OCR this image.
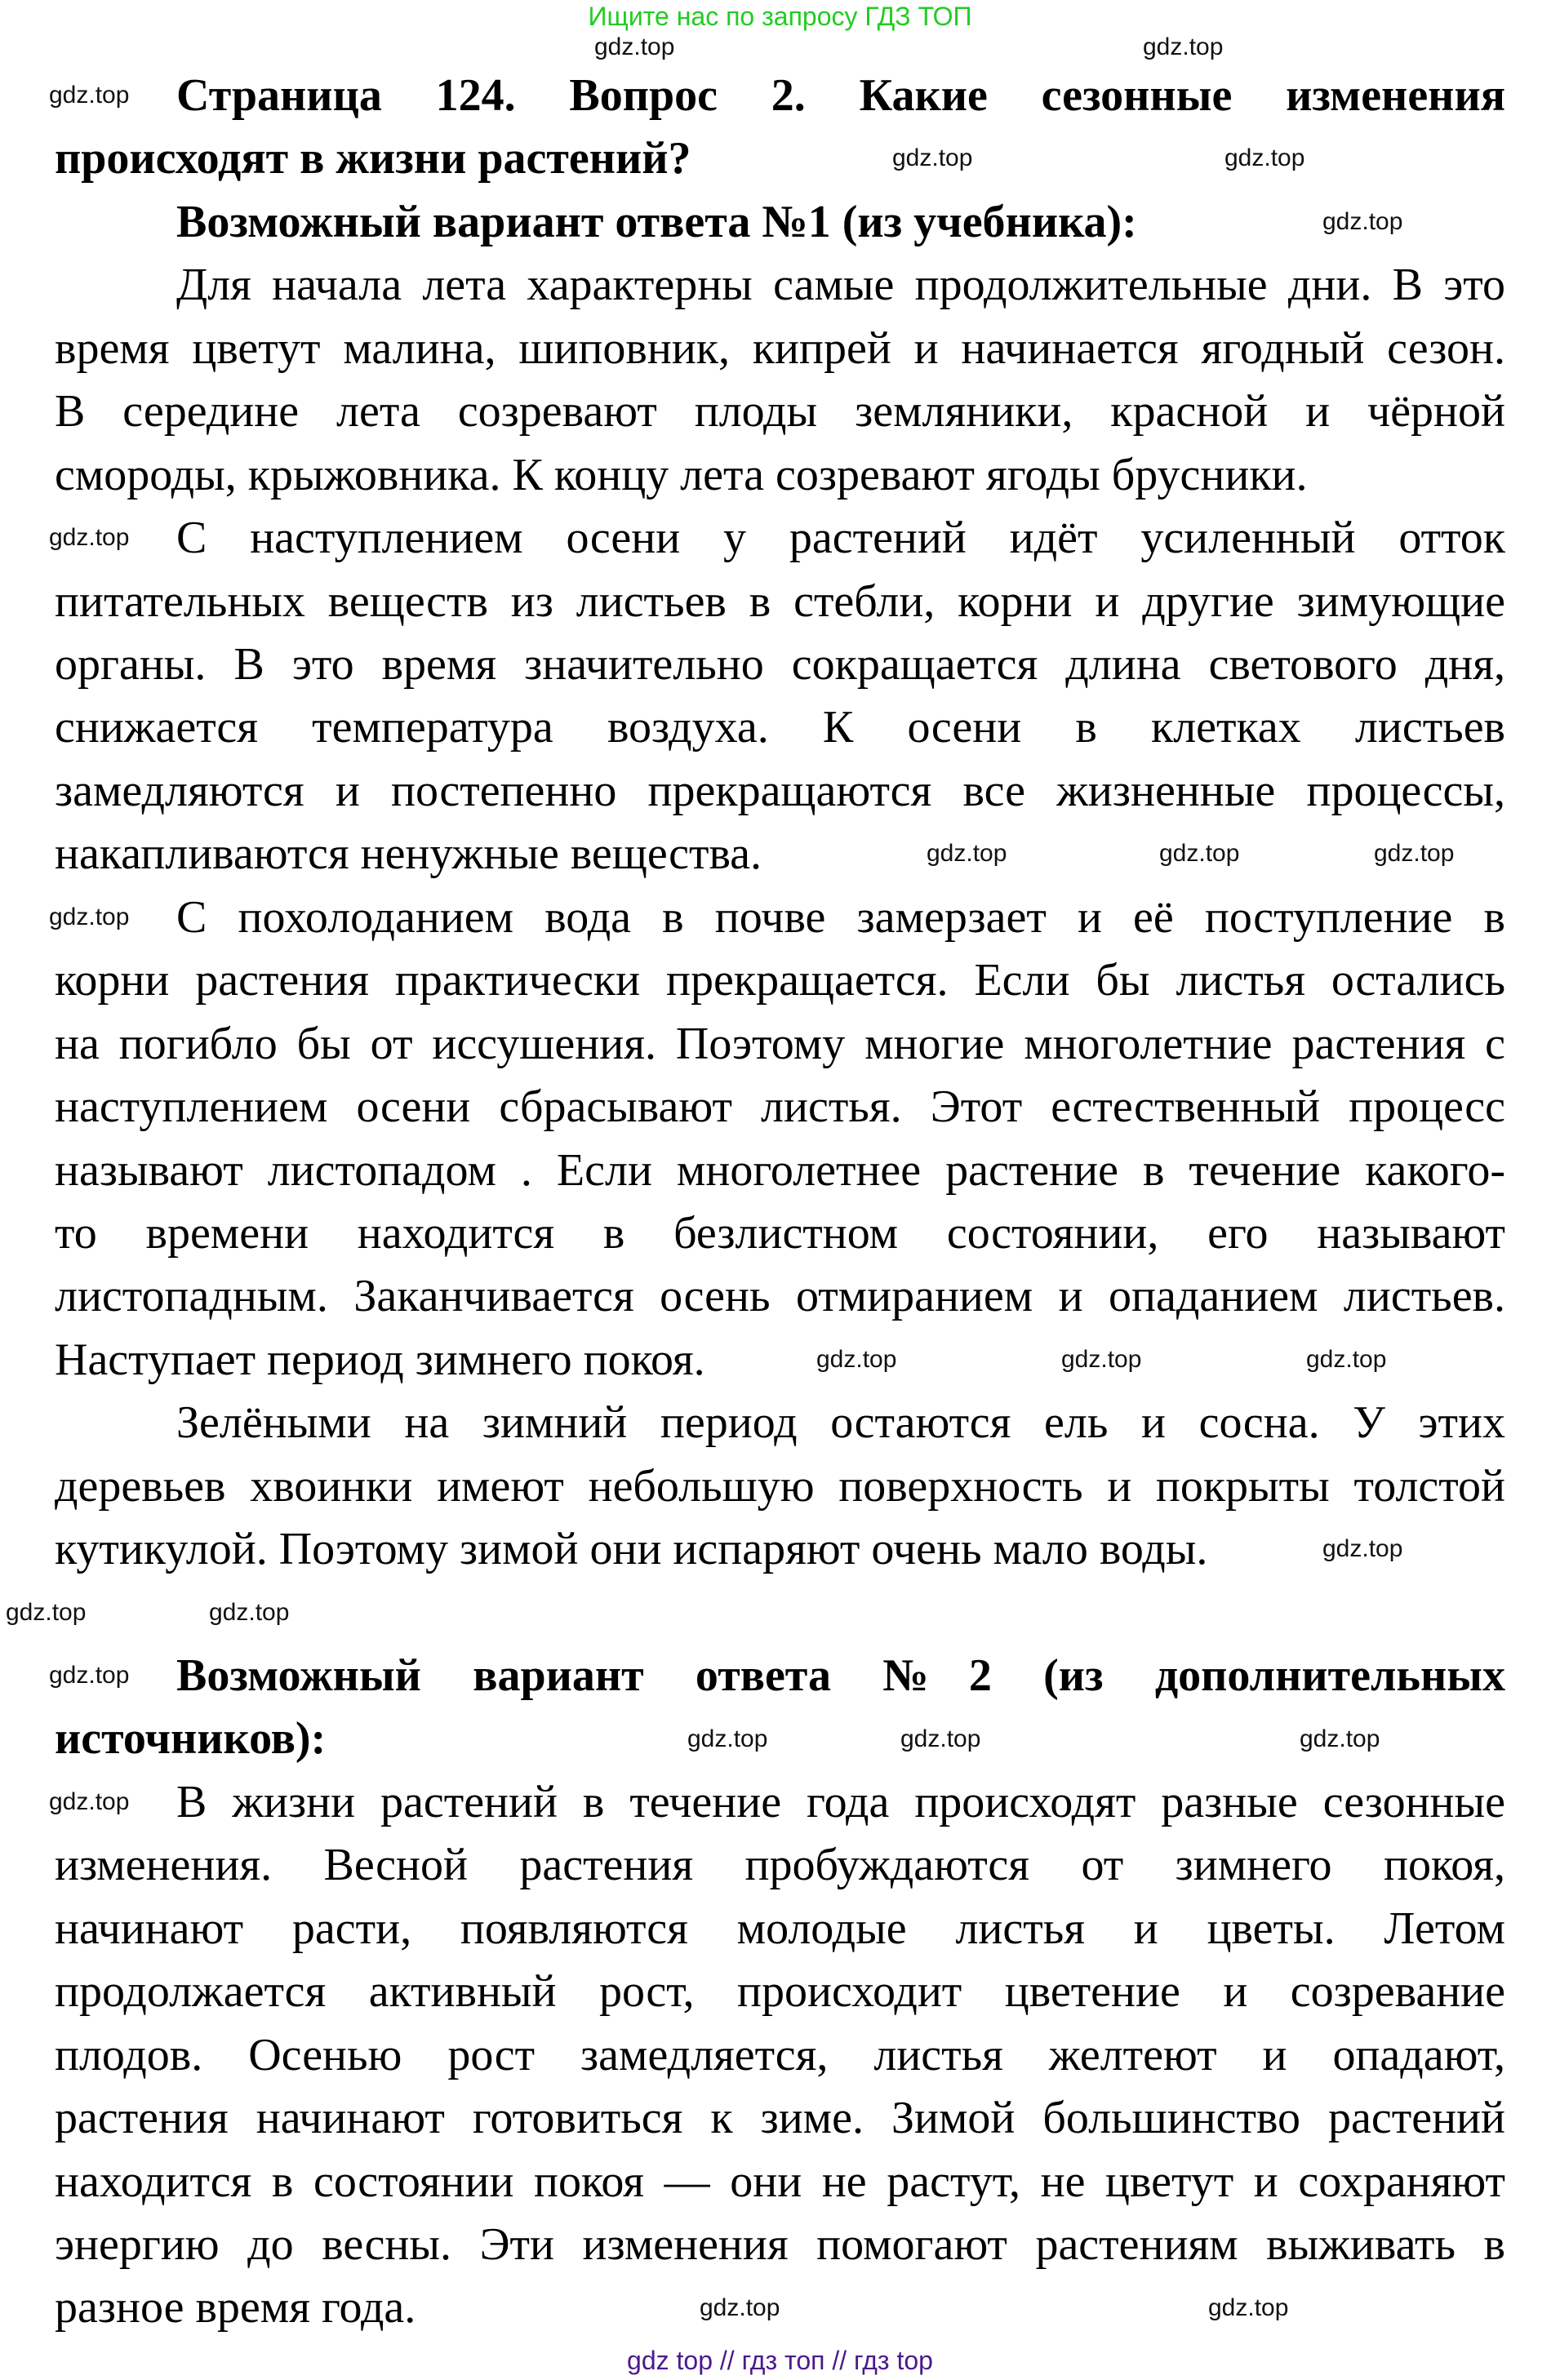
Ищите нас по запросу ГДЗ ТОП
Страница 124. Вопрос 2. Какие сезонные изменения
происходят в жизни растений?
Возможный вариант ответа №1 (из учебника):
Для начала лета характерны самые продолжительные дни. В это
время цветут малина, шиповник, кипрей и начинается ягодный сезон.
В середине лета созревают плоды земляники, красной и чёрной
смороды, крыжовника. К концу лета созревают ягоды брусники.
С наступлением осени у растений идёт усиленный отток
питательных веществ из листьев в стебли, корни и другие зимующие
органы. В это время значительно сокращается длина светового дня,
снижается температура воздуха. К осени в клетках листьев
замедляются и постепенно прекращаются все жизненные процессы,
накапливаются ненужные вещества.
С похолоданием вода в почве замерзает и её поступление в
корни растения практически прекращается. Если бы листья остались
на погибло бы от иссушения. Поэтому многие многолетние растения с
наступлением осени сбрасывают листья. Этот естественный процесс
называют листопадом . Если многолетнее растение в течение какого-
то времени находится в безлистном состоянии, его называют
листопадным. Заканчивается осень отмиранием и опаданием листьев.
Наступает период зимнего покоя.
Зелёными на зимний период остаются ель и сосна. У этих
деревьев хвоинки имеют небольшую поверхность и покрыты толстой
кутикулой. Поэтому зимой они испаряют очень мало воды.
Возможный вариант ответа №2 (из дополнительных
источников):
В жизни растений в течение года происходят разные сезонные
изменения. Весной растения пробуждаются от зимнего покоя,
начинают расти, появляются молодые листья и цветы. Летом
продолжается активный рост, происходит цветение и созревание
плодов. Осенью рост замедляется, листья желтеют и опадают,
растения начинают готовиться к зиме. Зимой большинство растений
находится в состоянии покоя — они не растут, не цветут и сохраняют
энергию до весны. Эти изменения помогают растениям выживать в
разное время года.
gdz.top
gdz.top
gdz.top
gdz.top
gdz.top
gdz.top
gdz.top
gdz.top
gdz.top	gdz.top
gdz.top
gdz.top	gdz.top	gdz.top
gdz.top
gdz.top	gdz.top
gdz.top	gdz.top	gdz.top
gdz.top
gdz.top
gdz.top
gdz.top
gdz top // гдз топ // гдз top
